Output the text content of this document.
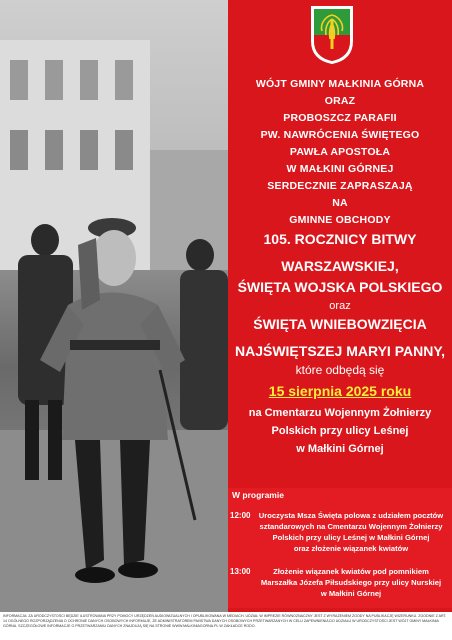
WÓJT GMINY MAŁKINIA GÓRNA
ORAZ
PROBOSZCZ PARAFII
PW. NAWRÓCENIA ŚWIĘTEGO
PAWŁA APOSTOŁA
W MAŁKINI GÓRNEJ
SERDECZNIE ZAPRASZAJĄ
NA
GMINNE OBCHODY
105. ROCZNICY BITWY
WARSZAWSKIEJ,
ŚWIĘTA WOJSKA POLSKIEGO
oraz
ŚWIĘTA WNIEBOWZIĘCIA
NAJŚWIĘTSZEJ MARYI PANNY,
które odbędą się
15 sierpnia 2025 roku
na Cmentarzu Wojennym Żołnierzy
Polskich przy ulicy Leśnej
w Małkini Górnej
W programie
12:00	Uroczysta Msza Święta polowa z udziałem pocztów
sztandarowych na Cmentarzu Wojennym Żołnierzy
Polskich przy ulicy Leśnej w Małkini Górnej
oraz złożenie wiązanek kwiatów
13:00	Złożenie wiązanek kwiatów pod pomnikiem
Marszałka Józefa Piłsudskiego przy ulicy Nurskiej
w Małkini Górnej
INFORMACJA: ZA URODCZYSTOŚCI BĘDZIE ILUSTROWANA PRZY POMOCY URZĘDZEŃ AUDIOWIZUALNYCH I OPUBLIKOWANA W MEDIACH. UDZIAŁ W IMPREZIE RÓWNOZNACZNY JEST Z WYRAŻENIEM ZGODY NA PUBLIKACJĘ WIZERUNKU. ZGODNIE Z ART. 14 OGÓLNEGO ROZPORZĄDZENIA O OCHRONIE DANYCH OSOBOWYCH INFORMUJE, ŻE ADMINISTRATOREM PAŃSTWA DANYCH OSOBOWYCH PRZETWARZANYCH W CELU ZAPEWNIENIA DO UDZIAŁU W URODCZYSTOŚCI JEST WÓJT GMINY MAŁKINIA GÓRNA. SZCZEGÓŁOWE INFORMACJE O PRZETWARZANIU DANYCH ZNAJDUJĄ SIĘ NA STRONIE WWW.MALKINIAGORNA.PL W ZAKŁADCE RODO.
